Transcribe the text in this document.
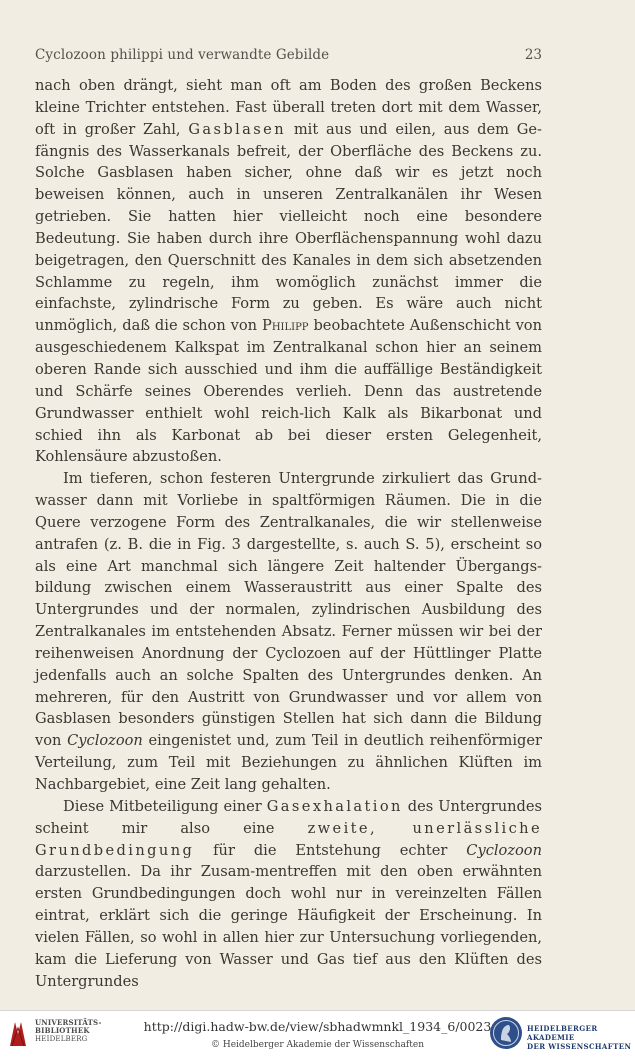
Cyclozoon philippi und verwandte Gebilde	23

nach oben drängt, sieht man oft am Boden des großen Beckens kleine Trichter entstehen. Fast überall treten dort mit dem Wasser, oft in großer Zahl, Gasblasen mit aus und eilen, aus dem Ge- fängnis des Wasserkanals befreit, der Oberfläche des Beckens zu. Solche Gasblasen haben sicher, ohne daß wir es jetzt noch beweisen können, auch in unseren Zentralkanälen ihr Wesen getrieben. Sie hatten hier vielleicht noch eine besondere Bedeutung. Sie haben durch ihre Oberflächenspannung wohl dazu beigetragen, den Querschnitt des Kanales in dem sich absetzenden Schlamme zu regeln, ihm womöglich zunächst immer die einfachste, zylindrische Form zu geben. Es wäre auch nicht unmöglich, daß die schon von Philipp beobachtete Außenschicht von ausgeschiedenem Kalkspat im Zentralkanal schon hier an seinem oberen Rande sich ausschied und ihm die auffällige Beständigkeit und Schärfe seines Oberendes verlieh. Denn das austretende Grundwasser enthielt wohl reich-lich Kalk als Bikarbonat und schied ihn als Karbonat ab bei dieser ersten Gelegenheit, Kohlensäure abzustoßen.

Im tieferen, schon festeren Untergrunde zirkuliert das Grund-wasser dann mit Vorliebe in spaltförmigen Räumen. Die in die Quere verzogene Form des Zentralkanales, die wir stellenweise antrafen (z. B. die in Fig. 3 dargestellte, s. auch S. 5), erscheint so als eine Art manchmal sich längere Zeit haltender Übergangs-bildung zwischen einem Wasseraustritt aus einer Spalte des Untergrundes und der normalen, zylindrischen Ausbildung des Zentralkanales im entstehenden Absatz. Ferner müssen wir bei der reihenweisen Anordnung der Cyclozoen auf der Hüttlinger Platte jedenfalls auch an solche Spalten des Untergrundes denken. An mehreren, für den Austritt von Grundwasser und vor allem von Gasblasen besonders günstigen Stellen hat sich dann die Bildung von Cyclozoon eingenistet und, zum Teil in deutlich reihenförmiger Verteilung, zum Teil mit Beziehungen zu ähnlichen Klüften im Nachbargebiet, eine Zeit lang gehalten.

Diese Mitbeteiligung einer Gasexhalation des Untergrundes scheint mir also eine zweite, unerlässliche Grundbedingung für die Entstehung echter Cyclozoon darzustellen. Da ihr Zusam-mentreffen mit den oben erwähnten ersten Grundbedingungen doch wohl nur in vereinzelten Fällen eintrat, erklärt sich die geringe Häufigkeit der Erscheinung. In vielen Fällen, so wohl in allen hier zur Untersuchung vorliegenden, kam die Lieferung von Wasser und Gas tief aus den Klüften des Untergrundes

UNIVERSITÄTS-
BIBLIOTHEK
HEIDELBERG
http://digi.hadw-bw.de/view/sbhadwmnkl_1934_6/0023
© Heidelberger Akademie der Wissenschaften
HEIDELBERGER AKADEMIE
DER WISSENSCHAFTEN
